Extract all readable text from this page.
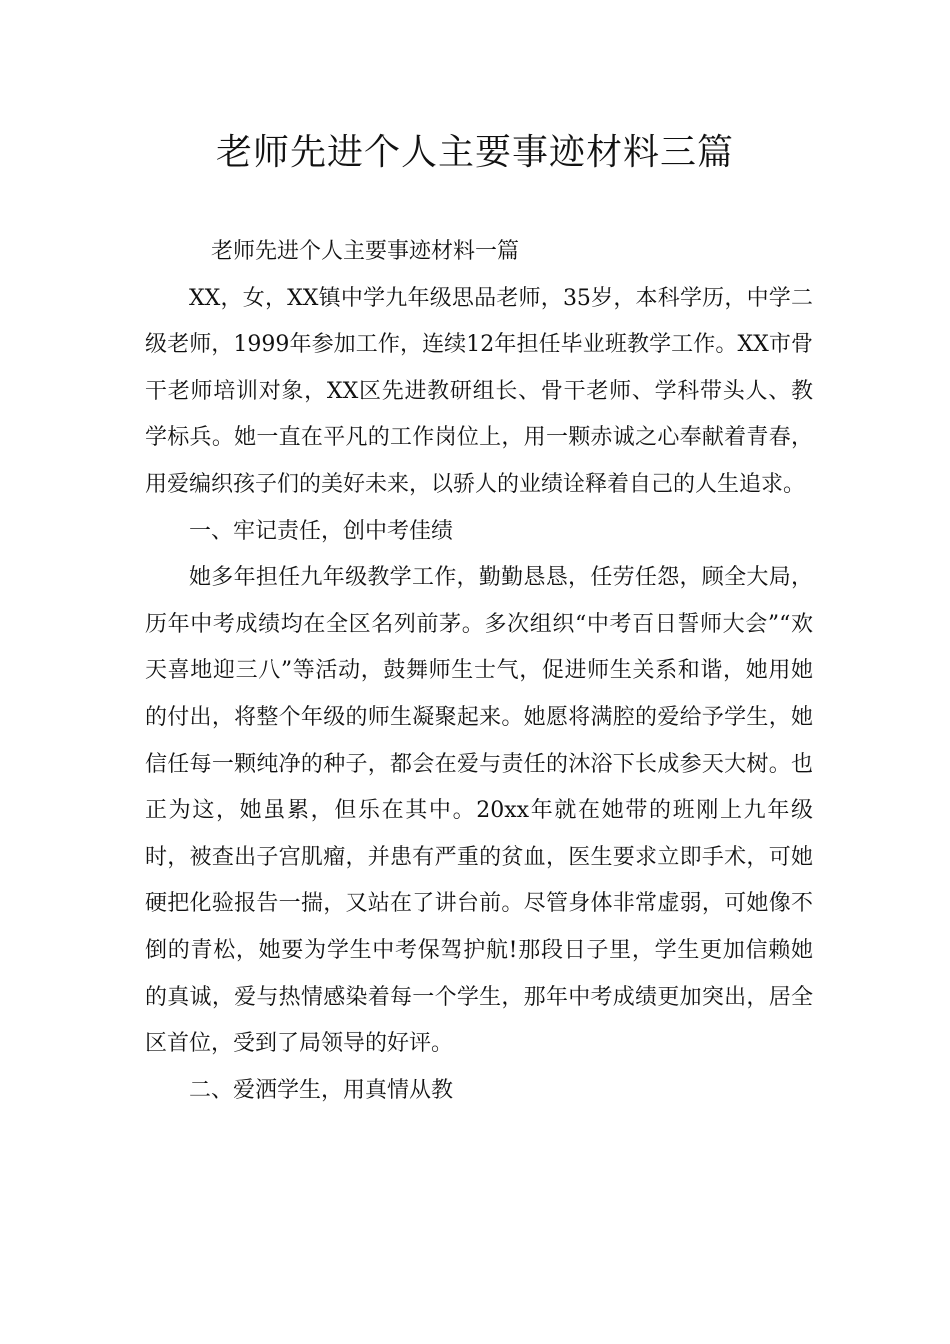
老师先进个人主要事迹材料三篇

老师先进个人主要事迹材料一篇

XX，女，XX镇中学九年级思品老师，35岁，本科学历，中学二级老师，1999年参加工作，连续12年担任毕业班教学工作。XX市骨干老师培训对象，XX区先进教研组长、骨干老师、学科带头人、教学标兵。她一直在平凡的工作岗位上，用一颗赤诚之心奉献着青春，用爱编织孩子们的美好未来，以骄人的业绩诠释着自己的人生追求。

一、牢记责任，创中考佳绩

她多年担任九年级教学工作，勤勤恳恳，任劳任怨，顾全大局，历年中考成绩均在全区名列前茅。多次组织“中考百日誓师大会”“欢天喜地迎三八”等活动，鼓舞师生士气，促进师生关系和谐，她用她的付出，将整个年级的师生凝聚起来。她愿将满腔的爱给予学生，她信任每一颗纯净的种子，都会在爱与责任的沐浴下长成参天大树。也正为这，她虽累，但乐在其中。20xx年就在她带的班刚上九年级时，被查出子宫肌瘤，并患有严重的贫血，医生要求立即手术，可她硬把化验报告一揣，又站在了讲台前。尽管身体非常虚弱，可她像不倒的青松，她要为学生中考保驾护航!那段日子里，学生更加信赖她的真诚，爱与热情感染着每一个学生，那年中考成绩更加突出，居全区首位，受到了局领导的好评。

二、爱洒学生，用真情从教
